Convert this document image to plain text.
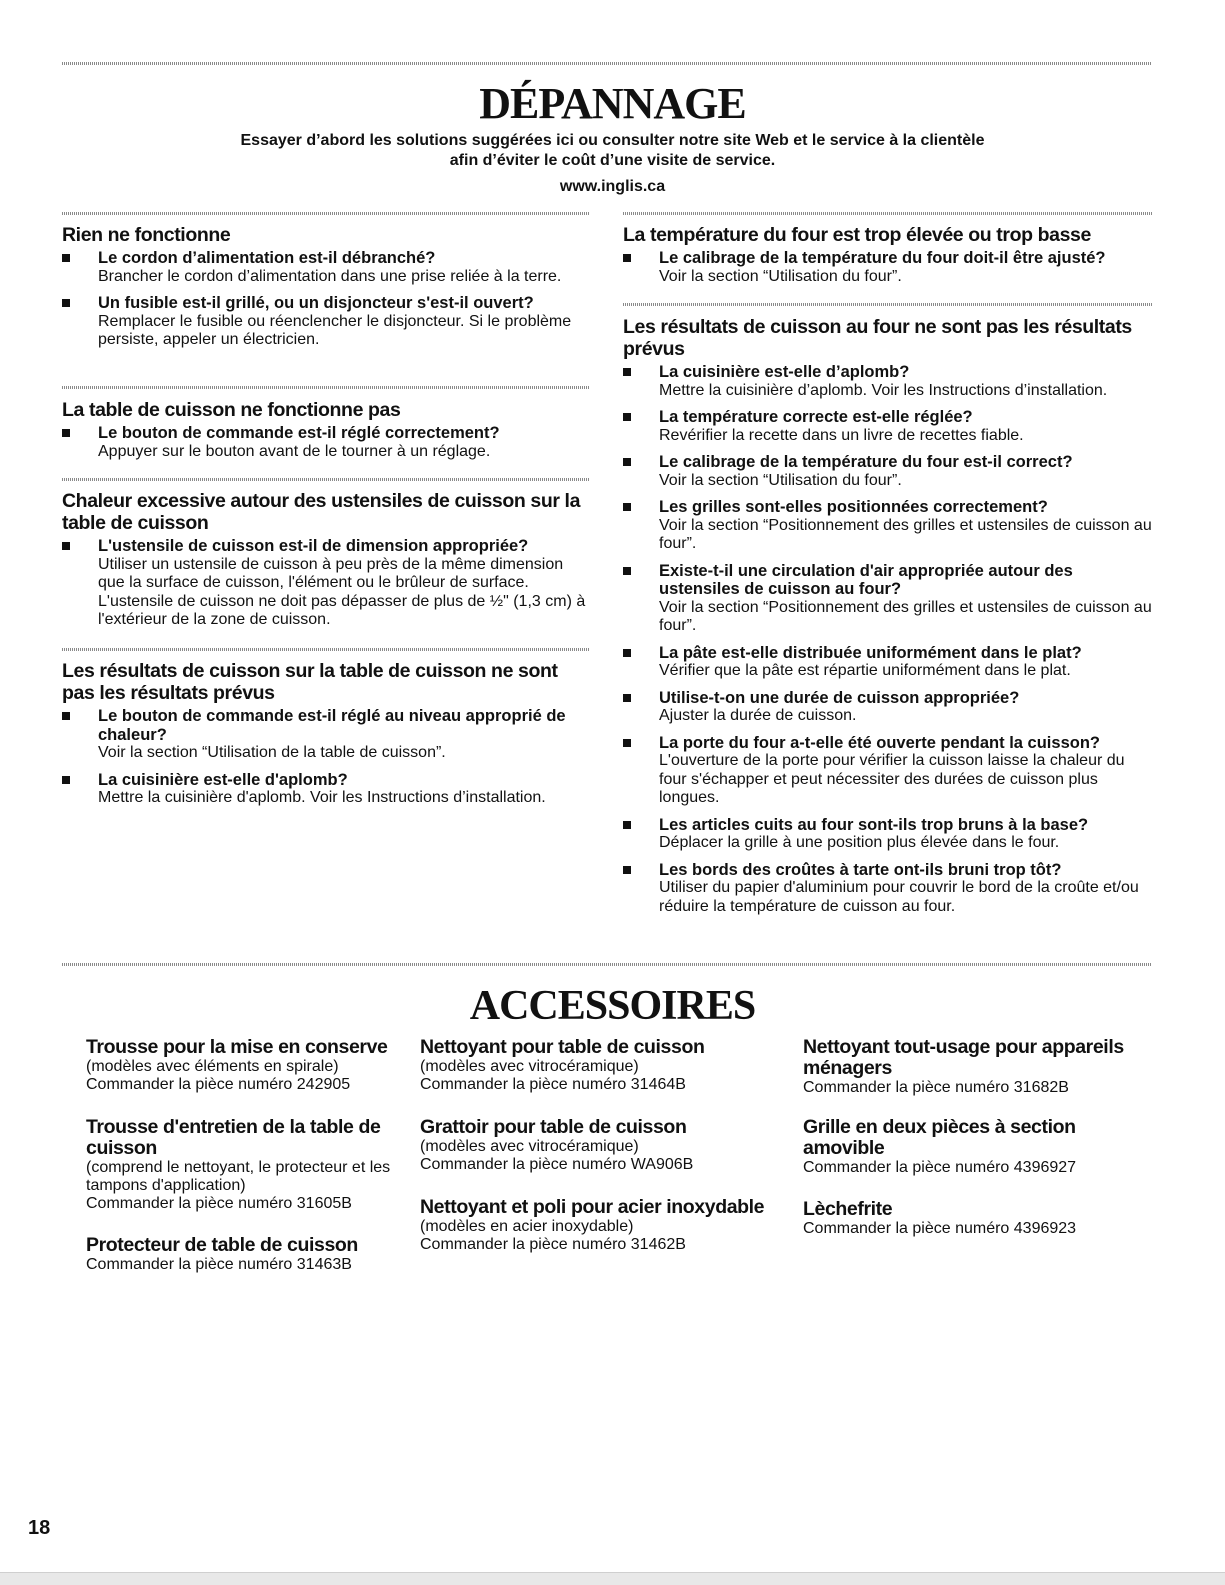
DÉPANNAGE
Essayer d’abord les solutions suggérées ici ou consulter notre site Web et le service à la clientèle
afin d’éviter le coût d’une visite de service.
www.inglis.ca
Rien ne fonctionne
Le cordon d’alimentation est-il débranché?
Brancher le cordon d’alimentation dans une prise reliée à la terre.
Un fusible est-il grillé, ou un disjoncteur s'est-il ouvert?
Remplacer le fusible ou réenclencher le disjoncteur. Si le problème persiste, appeler un électricien.
La table de cuisson ne fonctionne pas
Le bouton de commande est-il réglé correctement?
Appuyer sur le bouton avant de le tourner à un réglage.
Chaleur excessive autour des ustensiles de cuisson sur la table de cuisson
L'ustensile de cuisson est-il de dimension appropriée?
Utiliser un ustensile de cuisson à peu près de la même dimension que la surface de cuisson, l'élément ou le brûleur de surface. L'ustensile de cuisson ne doit pas dépasser de plus de ½" (1,3 cm) à l'extérieur de la zone de cuisson.
Les résultats de cuisson sur la table de cuisson ne sont pas les résultats prévus
Le bouton de commande est-il réglé au niveau approprié de chaleur?
Voir la section “Utilisation de la table de cuisson”.
La cuisinière est-elle d'aplomb?
Mettre la cuisinière d'aplomb. Voir les Instructions d’installation.
La température du four est trop élevée ou trop basse
Le calibrage de la température du four doit-il être ajusté?
Voir la section “Utilisation du four”.
Les résultats de cuisson au four ne sont pas les résultats prévus
La cuisinière est-elle d’aplomb?
Mettre la cuisinière d’aplomb. Voir les Instructions d’installation.
La température correcte est-elle réglée?
Revérifier la recette dans un livre de recettes fiable.
Le calibrage de la température du four est-il correct?
Voir la section “Utilisation du four”.
Les grilles sont-elles positionnées correctement?
Voir la section “Positionnement des grilles et ustensiles de cuisson au four”.
Existe-t-il une circulation d'air appropriée autour des ustensiles de cuisson au four?
Voir la section “Positionnement des grilles et ustensiles de cuisson au four”.
La pâte est-elle distribuée uniformément dans le plat?
Vérifier que la pâte est répartie uniformément dans le plat.
Utilise-t-on une durée de cuisson appropriée?
Ajuster la durée de cuisson.
La porte du four a-t-elle été ouverte pendant la cuisson?
L'ouverture de la porte pour vérifier la cuisson laisse la chaleur du four s'échapper et peut nécessiter des durées de cuisson plus longues.
Les articles cuits au four sont-ils trop bruns à la base?
Déplacer la grille à une position plus élevée dans le four.
Les bords des croûtes à tarte ont-ils bruni trop tôt?
Utiliser du papier d'aluminium pour couvrir le bord de la croûte et/ou réduire la température de cuisson au four.
ACCESSOIRES
Trousse pour la mise en conserve
(modèles avec éléments en spirale)
Commander la pièce numéro 242905
Trousse d'entretien de la table de cuisson
(comprend le nettoyant, le protecteur et les tampons d'application)
Commander la pièce numéro 31605B
Protecteur de table de cuisson
Commander la pièce numéro 31463B
Nettoyant pour table de cuisson
(modèles avec vitrocéramique)
Commander la pièce numéro 31464B
Grattoir pour table de cuisson
(modèles avec vitrocéramique)
Commander la pièce numéro WA906B
Nettoyant et poli pour acier inoxydable
(modèles en acier inoxydable)
Commander la pièce numéro 31462B
Nettoyant tout-usage pour appareils ménagers
Commander la pièce numéro 31682B
Grille en deux pièces à section amovible
Commander la pièce numéro 4396927
Lèchefrite
Commander la pièce numéro 4396923
18
